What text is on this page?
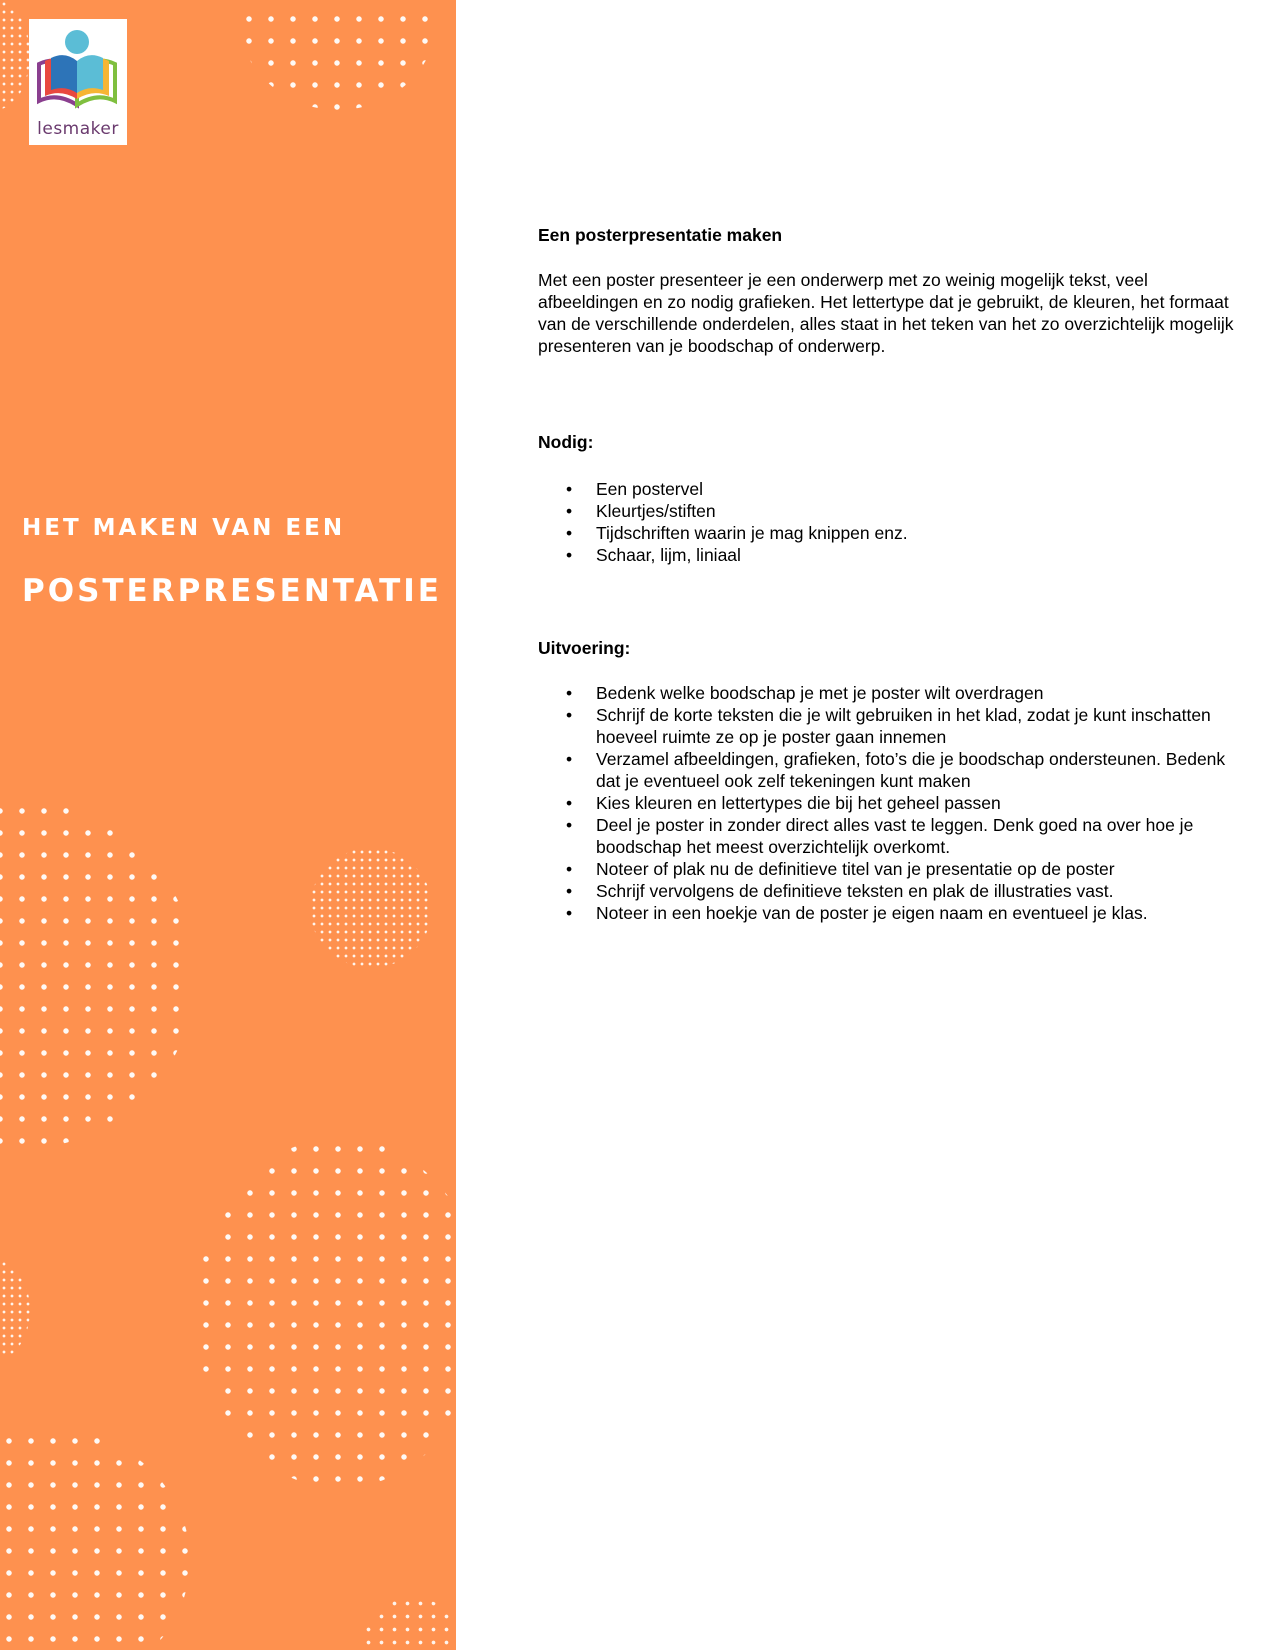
lesmaker
HET MAKEN VAN EEN
POSTERPRESENTATIE

Een posterpresentatie maken

Met een poster presenteer je een onderwerp met zo weinig mogelijk tekst, veel afbeeldingen en zo nodig grafieken. Het lettertype dat je gebruikt, de kleuren, het formaat van de verschillende onderdelen, alles staat in het teken van het zo overzichtelijk mogelijk presenteren van je boodschap of onderwerp.

Nodig:

• Een postervel
• Kleurtjes/stiften
• Tijdschriften waarin je mag knippen enz.
• Schaar, lijm, liniaal

Uitvoering:

• Bedenk welke boodschap je met je poster wilt overdragen
• Schrijf de korte teksten die je wilt gebruiken in het klad, zodat je kunt inschatten hoeveel ruimte ze op je poster gaan innemen
• Verzamel afbeeldingen, grafieken, foto’s die je boodschap ondersteunen. Bedenk dat je eventueel ook zelf tekeningen kunt maken
• Kies kleuren en lettertypes die bij het geheel passen
• Deel je poster in zonder direct alles vast te leggen. Denk goed na over hoe je boodschap het meest overzichtelijk overkomt.
• Noteer of plak nu de definitieve titel van je presentatie op de poster
• Schrijf vervolgens de definitieve teksten en plak de illustraties vast.
• Noteer in een hoekje van de poster je eigen naam en eventueel je klas.
